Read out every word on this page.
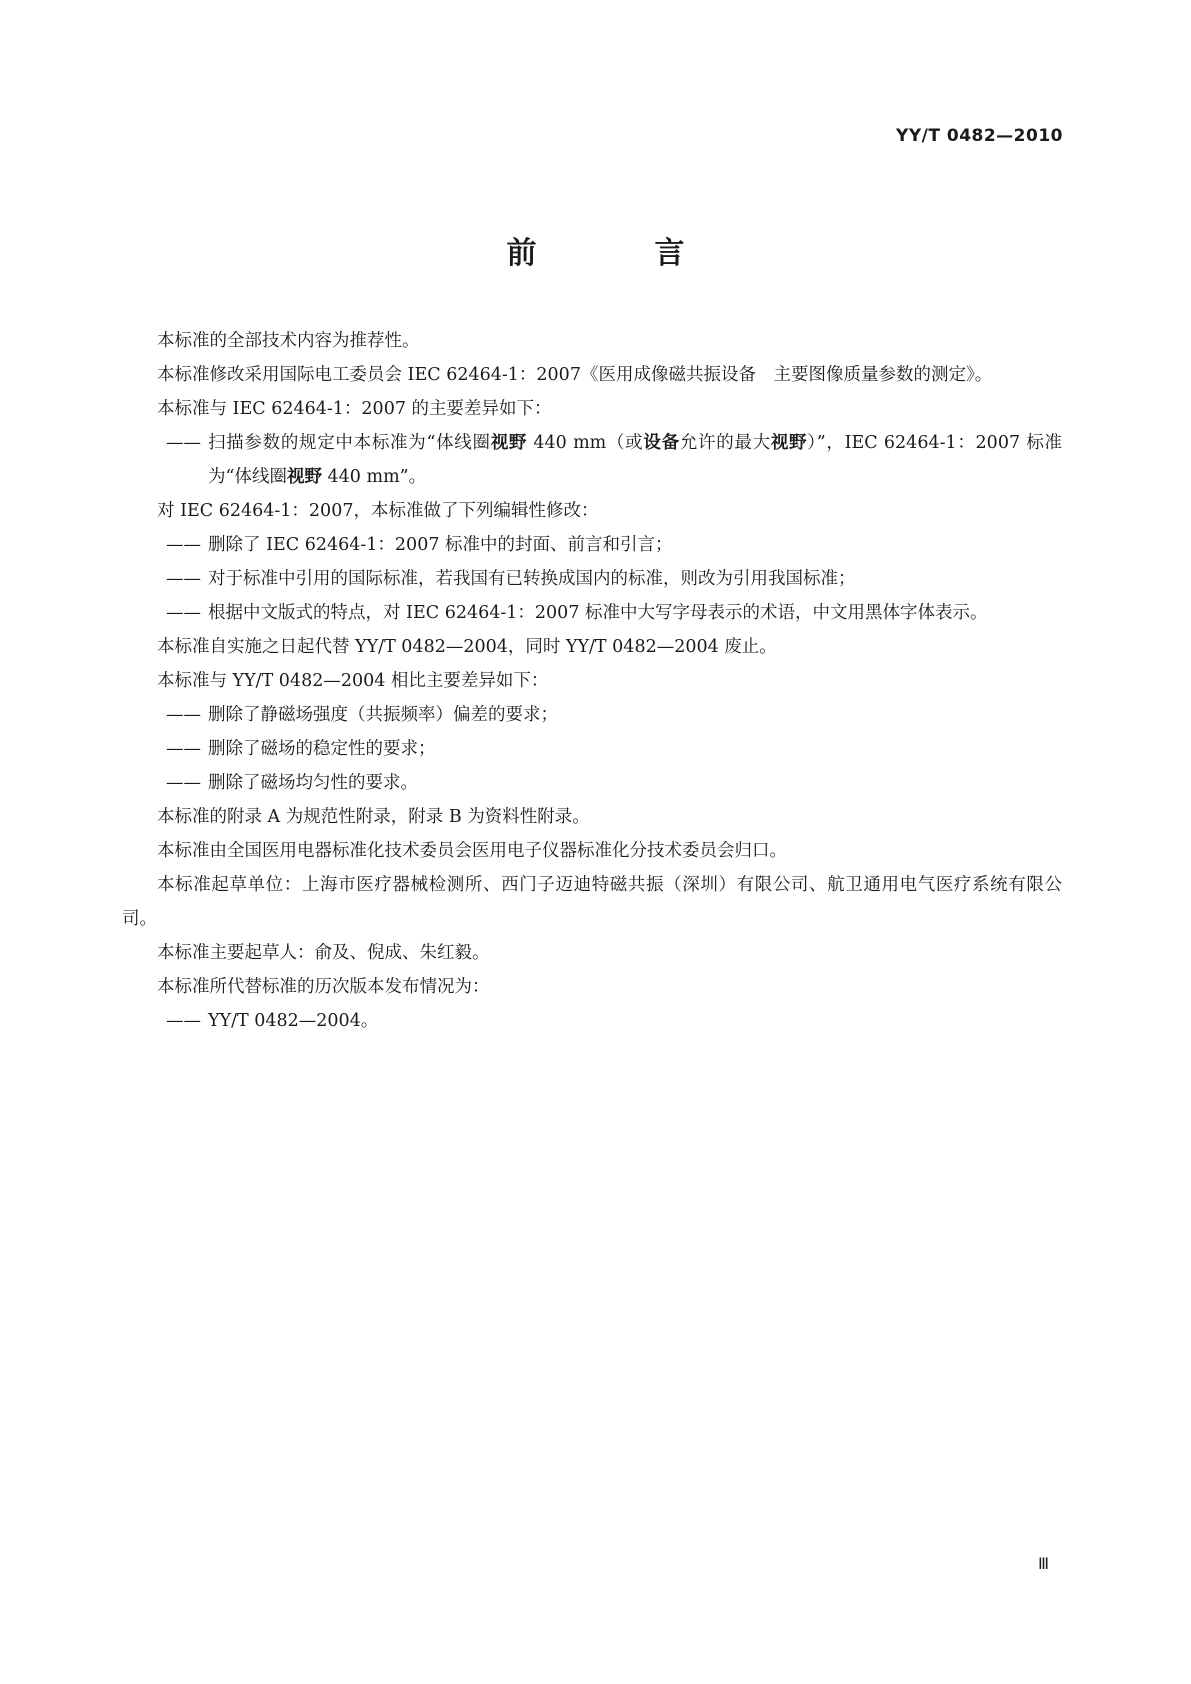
YY/T 0482—2010
前　言

本标准的全部技术内容为推荐性。

本标准修改采用国际电工委员会 IEC 62464-1：2007《医用成像磁共振设备　主要图像质量参数的测定》。

本标准与 IEC 62464-1：2007 的主要差异如下：

—— 扫描参数的规定中本标准为“体线圈视野 440 mm（或设备允许的最大视野）”，IEC 62464-1：2007 标准为“体线圈视野 440 mm”。

对 IEC 62464-1：2007，本标准做了下列编辑性修改：

—— 删除了 IEC 62464-1：2007 标准中的封面、前言和引言；

—— 对于标准中引用的国际标准，若我国有已转换成国内的标准，则改为引用我国标准；

—— 根据中文版式的特点，对 IEC 62464-1：2007 标准中大写字母表示的术语，中文用黑体字体表示。

本标准自实施之日起代替 YY/T 0482—2004，同时 YY/T 0482—2004 废止。

本标准与 YY/T 0482—2004 相比主要差异如下：

—— 删除了静磁场强度（共振频率）偏差的要求；

—— 删除了磁场的稳定性的要求；

—— 删除了磁场均匀性的要求。

本标准的附录 A 为规范性附录，附录 B 为资料性附录。

本标准由全国医用电器标准化技术委员会医用电子仪器标准化分技术委员会归口。

本标准起草单位：上海市医疗器械检测所、西门子迈迪特磁共振（深圳）有限公司、航卫通用电气医疗系统有限公司。

本标准主要起草人：俞及、倪成、朱红毅。

本标准所代替标准的历次版本发布情况为：

—— YY/T 0482—2004。

Ⅲ
